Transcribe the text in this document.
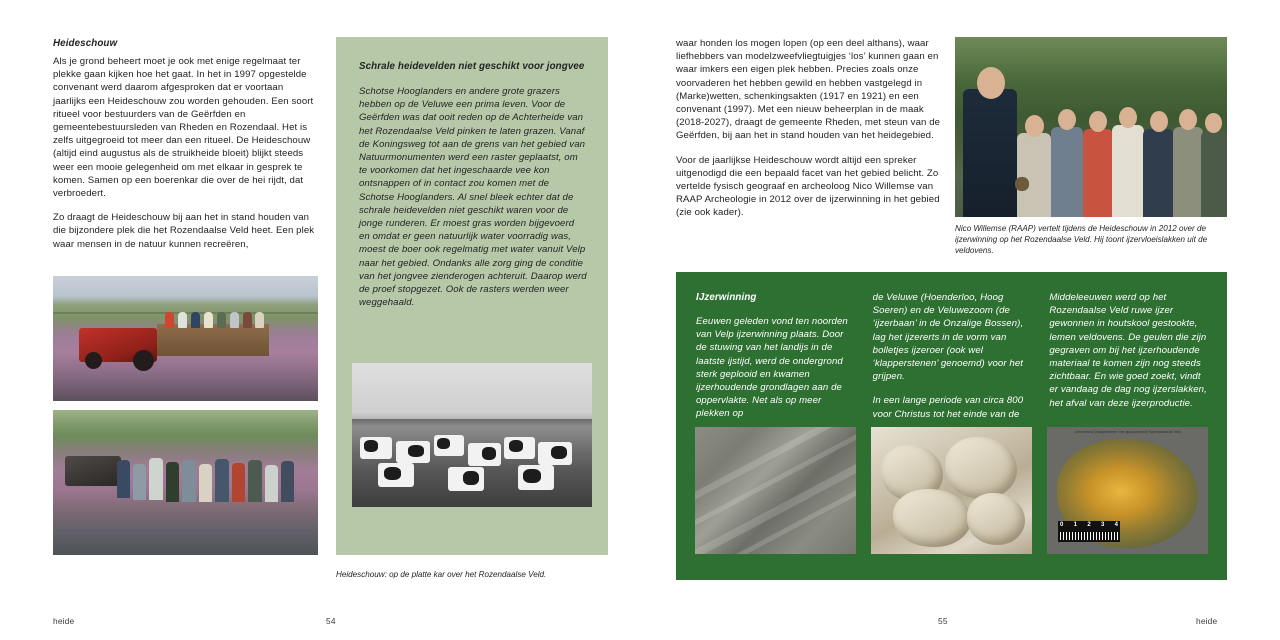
Heideschouw

Als je grond beheert moet je ook met enige regelmaat ter plekke gaan kijken hoe het gaat. In het in 1997 opgestelde convenant werd daarom afgesproken dat er voortaan jaarlijks een Heideschouw zou worden gehouden. Een soort ritueel voor bestuurders van de Geërfden en gemeentebestuursleden van Rheden en Rozendaal. Het is zelfs uitgegroeid tot meer dan een ritueel. De Heideschouw (altijd eind augustus als de struikheide bloeit) blijkt steeds weer een mooie gelegenheid om met elkaar in gesprek te komen. Samen op een boerenkar die over de hei rijdt, dat verbroedert.

Zo draagt de Heideschouw bij aan het in stand houden van die bijzondere plek die het Rozendaalse Veld heet. Een plek waar mensen in de natuur kunnen recreëren,

Schrale heidevelden niet geschikt voor jongvee

Schotse Hooglanders en andere grote grazers hebben op de Veluwe een prima leven. Voor de Geërfden was dat ooit reden op de Achterheide van het Rozendaalse Veld pinken te laten grazen. Vanaf de Koningsweg tot aan de grens van het gebied van Natuurmonumenten werd een raster geplaatst, om te voorkomen dat het ingeschaarde vee kon ontsnappen of in contact zou komen met de Schotse Hooglanders. Al snel bleek echter dat de schrale heidevelden niet geschikt waren voor de jonge runderen. Er moest gras worden bijgevoerd en omdat er geen natuurlijk water voorradig was, moest de boer ook regelmatig met water vanuit Velp naar het gebied. Ondanks alle zorg ging de conditie van het jongvee zienderogen achteruit. Daarop werd de proef stopgezet. Ook de rasters werden weer weggehaald.

Heideschouw: op de platte kar over het Rozendaalse Veld.

waar honden los mogen lopen (op een deel althans), waar liefhebbers van modelzweefvliegtuigjes ‘los’ kunnen gaan en waar imkers een eigen plek hebben. Precies zoals onze voorvaderen het hebben gewild en hebben vastgelegd in (Marke)wetten, schenkingsakten (1917 en 1921) en een convenant (1997). Met een nieuw beheerplan in de maak (2018-2027), draagt de gemeente Rheden, met steun van de Geërfden, bij aan het in stand houden van het heidegebied.

Voor de jaarlijkse Heideschouw wordt altijd een spreker uitgenodigd die een bepaald facet van het gebied belicht. Zo vertelde fysisch geograaf en archeoloog Nico Willemse van RAAP Archeologie in 2012 over de ijzerwinning in het gebied (zie ook kader).

Nico Willemse (RAAP) vertelt tijdens de Heideschouw in 2012 over de ijzerwinning op het Rozendaalse Veld. Hij toont ijzervloeislakken uit de veldovens.
IJzerwinning

Eeuwen geleden vond ten noorden van Velp ijzerwinning plaats. Door de stuwing van het landijs in de laatste ijstijd, werd de ondergrond sterk geplooid en kwamen ijzerhoudende grondlagen aan de oppervlakte. Net als op meer plekken op

de Veluwe (Hoenderloo, Hoog Soeren) en de Veluwezoom (de ‘ijzerbaan’ in de Onzalige Bossen), lag het ijzererts in de vorm van bolletjes ijzeroer (ook wel ‘klapperstenen’ genoemd) voor het grijpen.

In een lange periode van circa 800 voor Christus tot het einde van de

Middeleeuwen werd op het Rozendaalse Veld ruwe ijzer gewonnen in houtskool gestookte, lemen veldovens. De geulen die zijn gegraven om bij het ijzerhoudende materiaal te komen zijn nog steeds zichtbaar. En wie goed zoekt, vindt er vandaag de dag nog ijzerslakken, het afval van deze ijzerproductie.

IJzeroerknol (‘klappersteen’ met glanzydoxide) Rozendaalsche Veld
0 1 2 3 4
heide	54	55	heide
